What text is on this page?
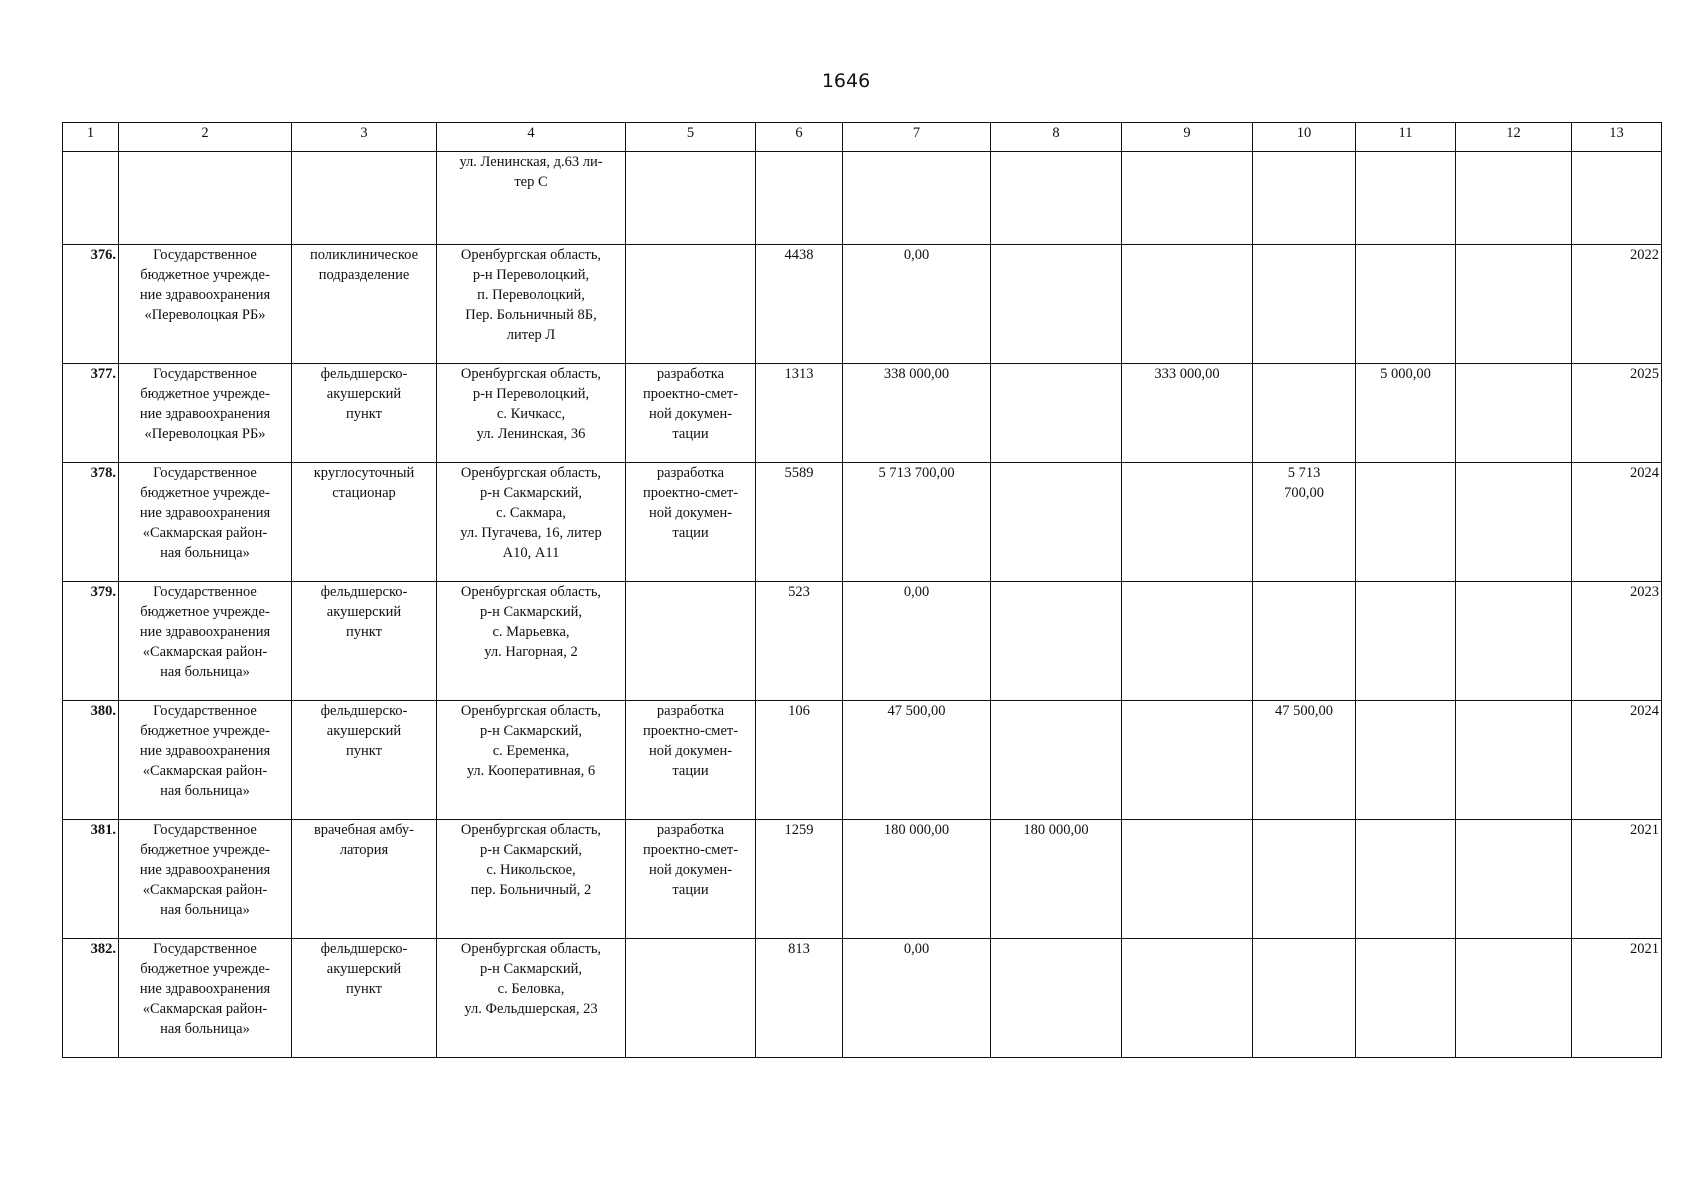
1646
1	2	3	4	5	6	7	8	9	10	11	12	13

			ул. Ленинская, д.63 ли-
тер С									

376.	Государственное
бюджетное учрежде-
ние здравоохранения
«Переволоцкая РБ»	поликлиническое
подразделение	Оренбургская область,
р-н Переволоцкий,
п. Переволоцкий,
Пер. Больничный 8Б,
литер Л		4438	0,00						2022
377.	Государственное
бюджетное учрежде-
ние здравоохранения
«Переволоцкая РБ»	фельдшерско-
акушерский
пункт	Оренбургская область,
р-н Переволоцкий,
с. Кичкасс,
ул. Ленинская, 36	разработка
проектно-смет-
ной докумен-
тации	1313	338 000,00		333 000,00		5 000,00		2025
378.	Государственное
бюджетное учрежде-
ние здравоохранения
«Сакмарская район-
ная больница»	круглосуточный
стационар	Оренбургская область,
р-н Сакмарский,
с. Сакмара,
ул. Пугачева, 16, литер
А10, А11	разработка
проектно-смет-
ной докумен-
тации	5589	5 713 700,00			5 713
700,00			2024
379.	Государственное
бюджетное учрежде-
ние здравоохранения
«Сакмарская район-
ная больница»	фельдшерско-
акушерский
пункт	Оренбургская область,
р-н Сакмарский,
с. Марьевка,
ул. Нагорная, 2		523	0,00						2023
380.	Государственное
бюджетное учрежде-
ние здравоохранения
«Сакмарская район-
ная больница»	фельдшерско-
акушерский
пункт	Оренбургская область,
р-н Сакмарский,
с. Еременка,
ул. Кооперативная, 6	разработка
проектно-смет-
ной докумен-
тации	106	47 500,00			47 500,00			2024
381.	Государственное
бюджетное учрежде-
ние здравоохранения
«Сакмарская район-
ная больница»	врачебная амбу-
латория	Оренбургская область,
р-н Сакмарский,
с. Никольское,
пер. Больничный, 2	разработка
проектно-смет-
ной докумен-
тации	1259	180 000,00	180 000,00					2021
382.	Государственное
бюджетное учрежде-
ние здравоохранения
«Сакмарская район-
ная больница»	фельдшерско-
акушерский
пункт	Оренбургская область,
р-н Сакмарский,
с. Беловка,
ул. Фельдшерская, 23		813	0,00						2021
